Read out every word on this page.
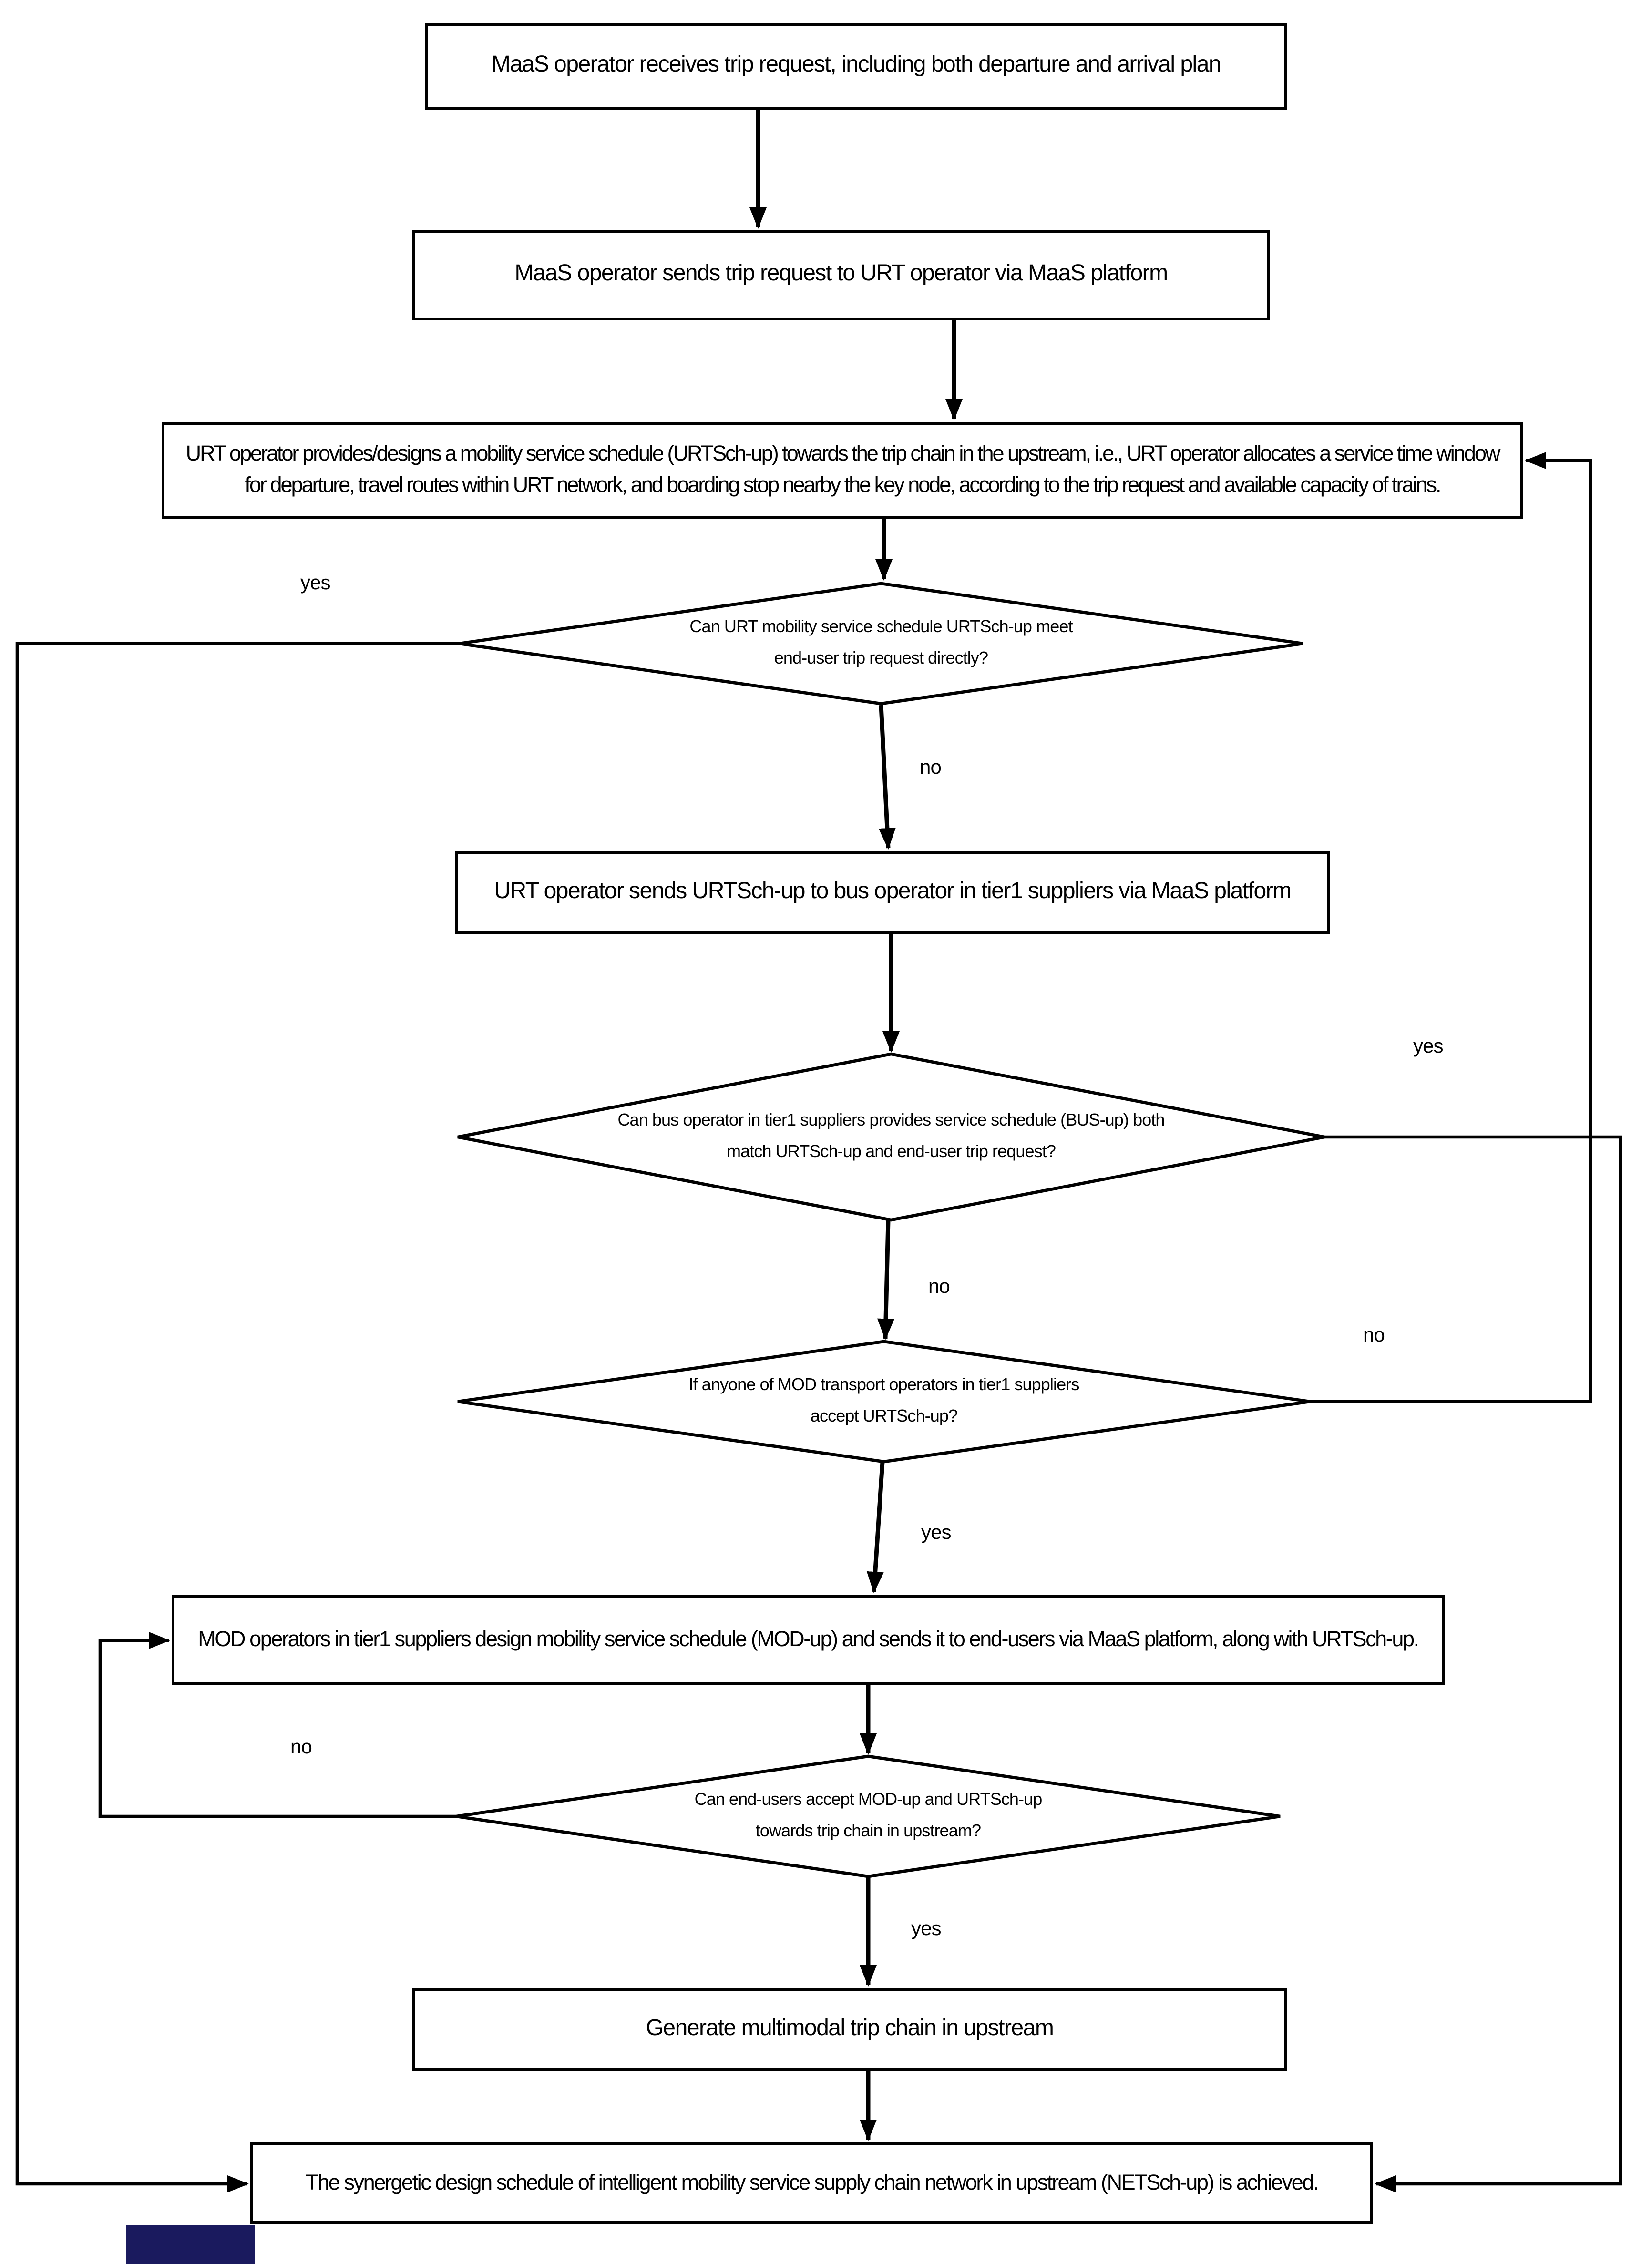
MaaS operator receives trip request, including both departure and arrival plan
MaaS operator sends trip request to URT operator via MaaS platform
URT operator provides/designs a mobility service schedule (URTSch-up) towards the trip chain in the upstream, i.e., URT operator allocates a service time window for departure, travel routes within URT network, and boarding stop nearby the key node, according to the trip request and available capacity of trains.
URT operator sends URTSch-up to bus operator in tier1 suppliers via MaaS platform
MOD operators in tier1 suppliers design mobility service schedule (MOD-up) and sends it to end-users via MaaS platform, along with URTSch-up.
Generate multimodal trip chain in upstream
The synergetic design schedule of intelligent mobility service supply chain network in upstream (NETSch-up) is achieved.
Can URT mobility service schedule URTSch-up meet
end-user trip request directly?
Can bus operator in tier1 suppliers provides service schedule (BUS-up) both
match URTSch-up and end-user trip request?
If anyone of MOD transport operators in tier1 suppliers
accept URTSch-up?
Can end-users accept MOD-up and URTSch-up
towards trip chain in upstream?
yes
no
yes
no
no
yes
no
yes
